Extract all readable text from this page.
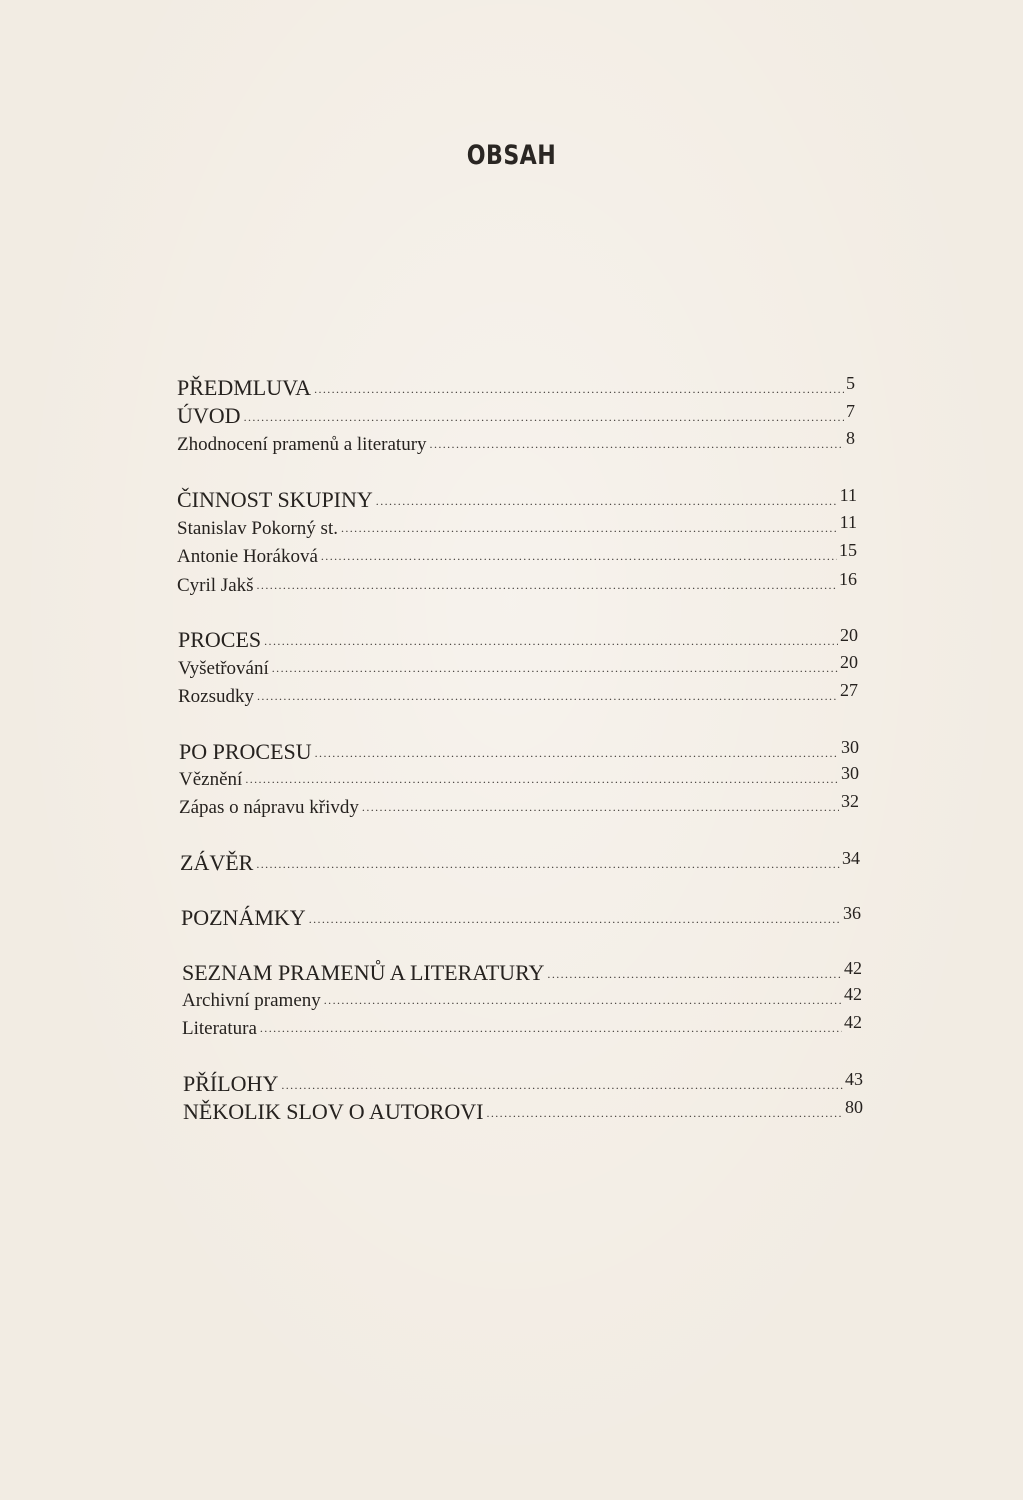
OBSAH
PŘEDMLUVA .....	5
ÚVOD .....	7
Zhodnocení pramenů a literatury .....	8
ČINNOST SKUPINY .....	11
Stanislav Pokorný st. .....	11
Antonie Horáková .....	15
Cyril Jakš .....	16
PROCES .....	20
Vyšetřování .....	20
Rozsudky .....	27
PO PROCESU .....	30
Věznění .....	30
Zápas o nápravu křivdy .....	32
ZÁVĚR .....	34
POZNÁMKY .....	36
SEZNAM PRAMENŮ A LITERATURY .....	42
Archivní prameny .....	42
Literatura .....	42
PŘÍLOHY .....	43
NĚKOLIK SLOV O AUTOROVI .....	80
